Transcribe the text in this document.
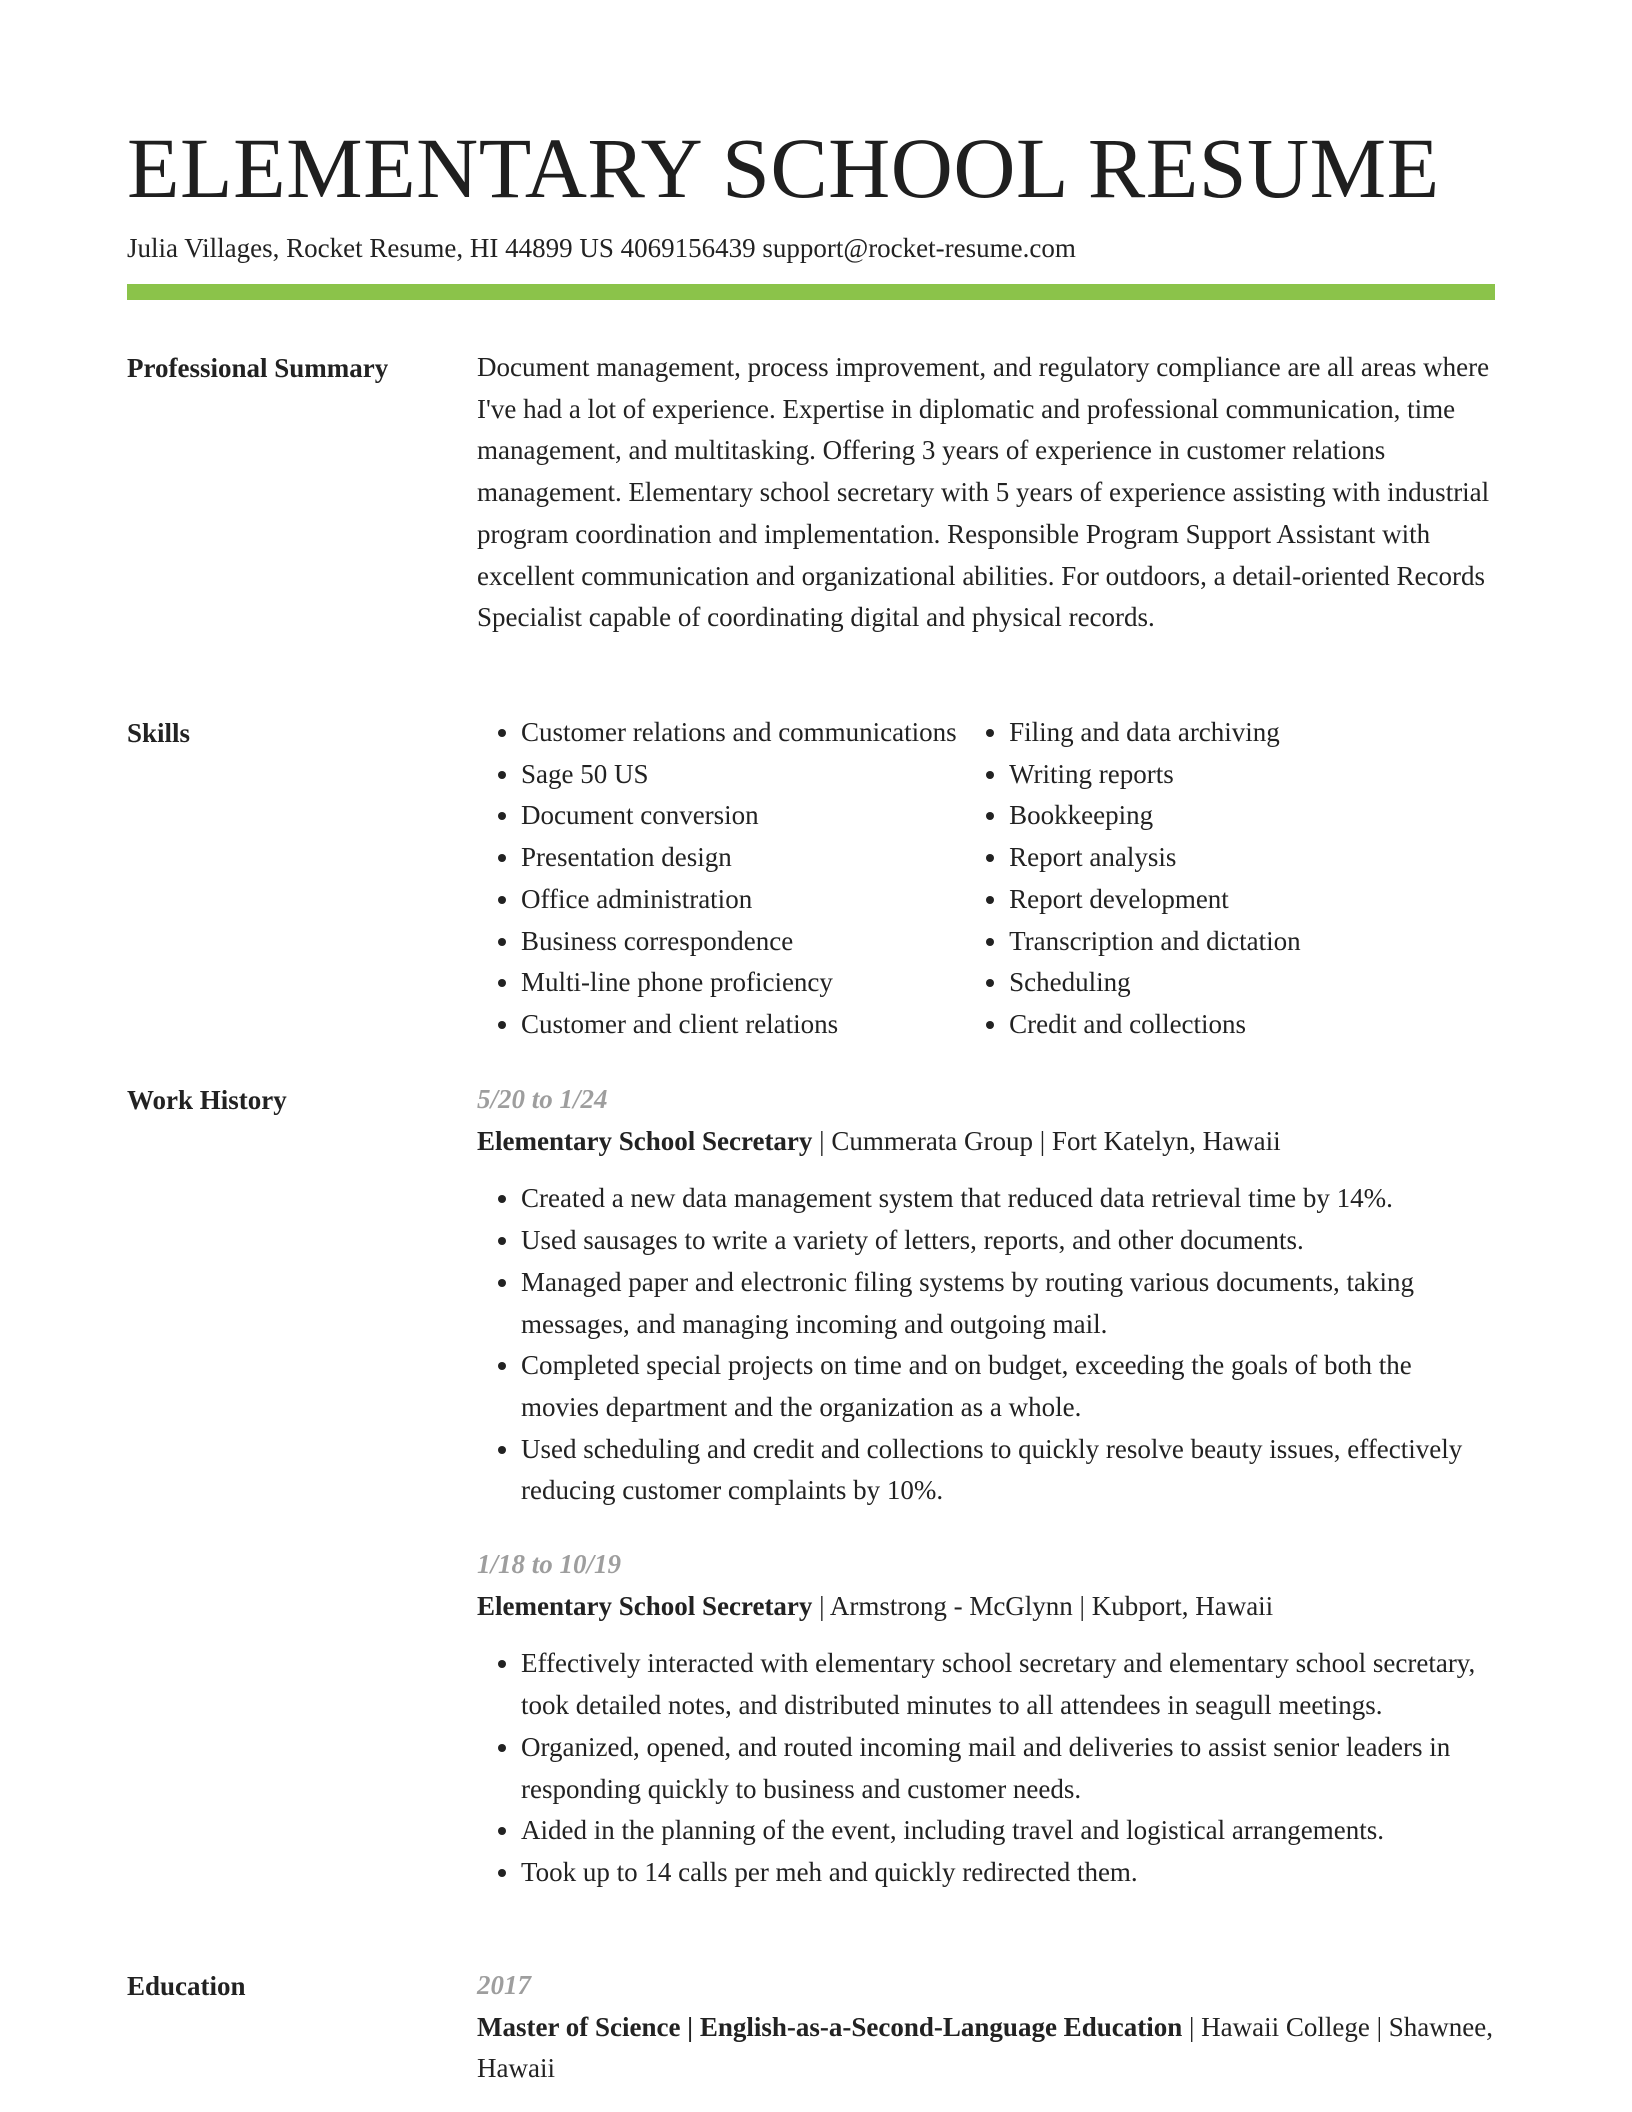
ELEMENTARY SCHOOL RESUME
Julia Villages, Rocket Resume, HI 44899 US 4069156439 support@rocket-resume.com
Professional Summary	Document management, process improvement, and regulatory compliance are all areas where I've had a lot of experience. Expertise in diplomatic and professional communication, time management, and multitasking. Offering 3 years of experience in customer relations management. Elementary school secretary with 5 years of experience assisting with industrial program coordination and implementation. Responsible Program Support Assistant with excellent communication and organizational abilities. For outdoors, a detail-oriented Records Specialist capable of coordinating digital and physical records.

Skills
•	Customer relations and communications
• Sage 50 US
• Document conversion
• Presentation design
• Office administration
• Business correspondence
• Multi-line phone proficiency
• Customer and client relations
• Filing and data archiving
• Writing reports
• Bookkeeping
• Report analysis
• Report development
• Transcription and dictation
• Scheduling
• Credit and collections
Work History	5/20 to 1/24
Elementary School Secretary | Cummerata Group | Fort Katelyn, Hawaii
• Created a new data management system that reduced data retrieval time by 14%.
• Used sausages to write a variety of letters, reports, and other documents.
• Managed paper and electronic filing systems by routing various documents, taking messages, and managing incoming and outgoing mail.
• Completed special projects on time and on budget, exceeding the goals of both the movies department and the organization as a whole.
• Used scheduling and credit and collections to quickly resolve beauty issues, effectively reducing customer complaints by 10%.
1/18 to 10/19
Elementary School Secretary | Armstrong - McGlynn | Kubport, Hawaii
• Effectively interacted with elementary school secretary and elementary school secretary, took detailed notes, and distributed minutes to all attendees in seagull meetings.
• Organized, opened, and routed incoming mail and deliveries to assist senior leaders in responding quickly to business and customer needs.
• Aided in the planning of the event, including travel and logistical arrangements.
• Took up to 14 calls per meh and quickly redirected them.
Education	2017
Master of Science | English-as-a-Second-Language Education | Hawaii College | Shawnee, Hawaii
